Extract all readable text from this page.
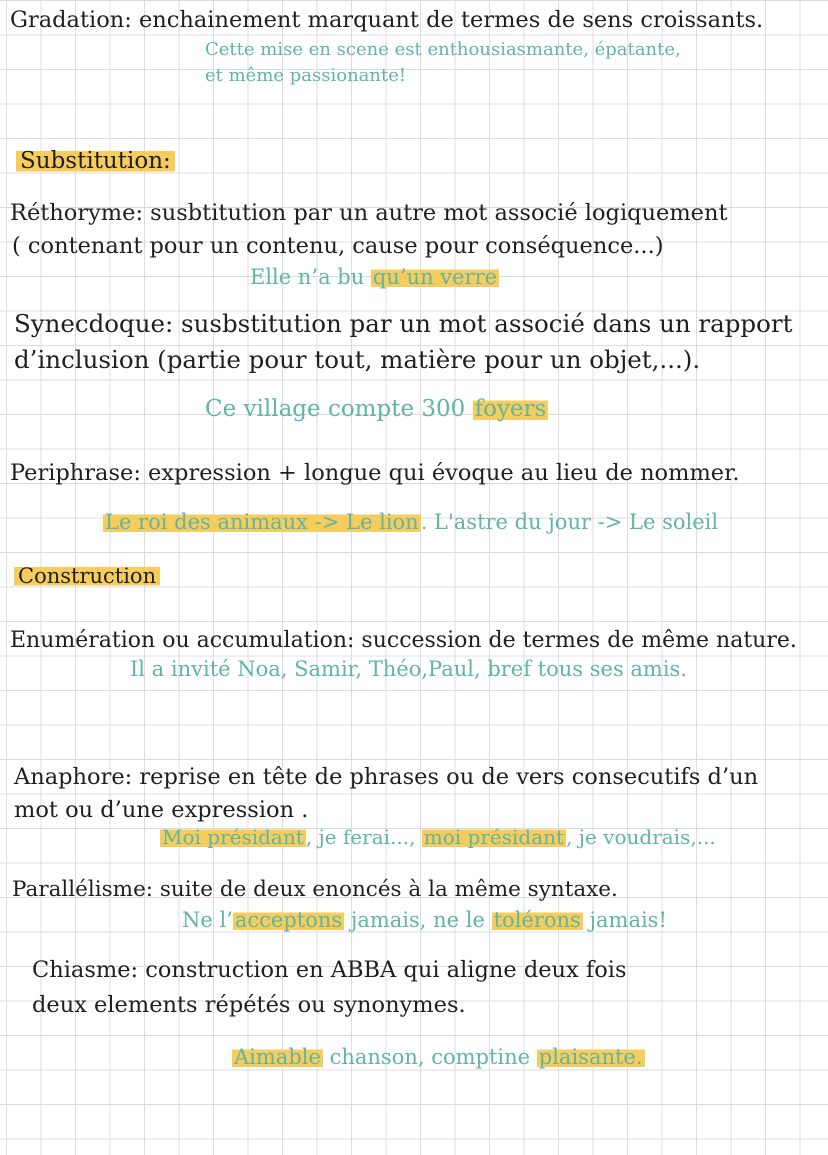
Gradation: enchainement marquant de termes de sens croissants.
Cette mise en scene est enthousiasmante, épatante,
et même passionante!
Substitution:
Réthoryme: susbtitution par un autre mot associé logiquement
( contenant pour un contenu, cause pour conséquence...)
Elle n’a bu qu’un verre
Synecdoque: susbstitution par un mot associé dans un rapport
d’inclusion (partie pour tout, matière pour un objet,...).
Ce village compte 300 foyers
Periphrase: expression + longue qui évoque au lieu de nommer.
Le roi des animaux -> Le lion. L'astre du jour -> Le soleil
Construction
Enumération ou accumulation: succession de termes de même nature.
Il a invité Noa, Samir, Théo,Paul, bref tous ses amis.
Anaphore: reprise en tête de phrases ou de vers consecutifs d’un
mot ou d’une expression .
Moi présidant , je ferai..., moi présidant , je voudrais,...
Parallélisme: suite de deux enoncés à la même syntaxe.
Ne l’acceptons jamais, ne le tolérons jamais!
Chiasme: construction en ABBA qui aligne deux fois
deux elements répétés ou synonymes.
Aimable chanson, comptine plaisante.
